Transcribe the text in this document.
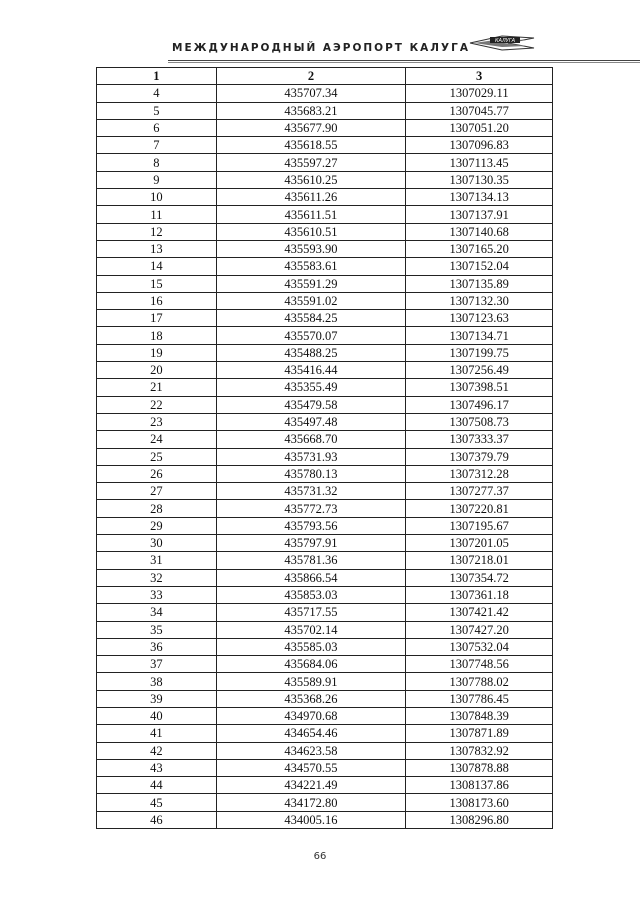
МЕЖДУНАРОДНЫЙ АЭРОПОРТ КАЛУГА
КАЛУГА
1	2	3
4	435707.34	1307029.11
5	435683.21	1307045.77
6	435677.90	1307051.20
7	435618.55	1307096.83
8	435597.27	1307113.45
9	435610.25	1307130.35
10	435611.26	1307134.13
11	435611.51	1307137.91
12	435610.51	1307140.68
13	435593.90	1307165.20
14	435583.61	1307152.04
15	435591.29	1307135.89
16	435591.02	1307132.30
17	435584.25	1307123.63
18	435570.07	1307134.71
19	435488.25	1307199.75
20	435416.44	1307256.49
21	435355.49	1307398.51
22	435479.58	1307496.17
23	435497.48	1307508.73
24	435668.70	1307333.37
25	435731.93	1307379.79
26	435780.13	1307312.28
27	435731.32	1307277.37
28	435772.73	1307220.81
29	435793.56	1307195.67
30	435797.91	1307201.05
31	435781.36	1307218.01
32	435866.54	1307354.72
33	435853.03	1307361.18
34	435717.55	1307421.42
35	435702.14	1307427.20
36	435585.03	1307532.04
37	435684.06	1307748.56
38	435589.91	1307788.02
39	435368.26	1307786.45
40	434970.68	1307848.39
41	434654.46	1307871.89
42	434623.58	1307832.92
43	434570.55	1307878.88
44	434221.49	1308137.86
45	434172.80	1308173.60
46	434005.16	1308296.80
66
